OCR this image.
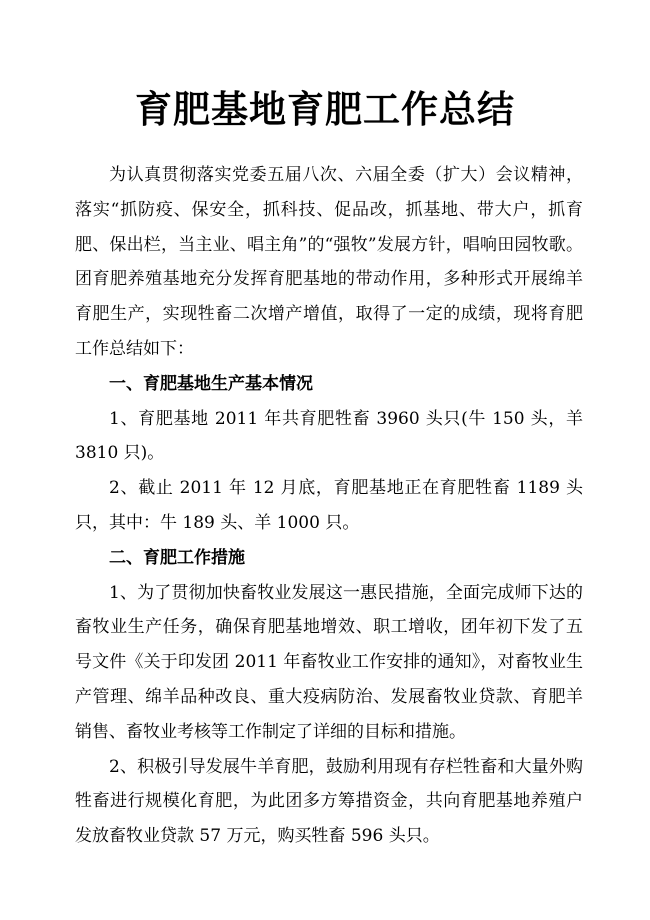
育肥基地育肥工作总结

为认真贯彻落实党委五届八次、六届全委（扩大）会议精神，落实“抓防疫、保安全，抓科技、促品改，抓基地、带大户，抓育肥、保出栏，当主业、唱主角”的“强牧”发展方针，唱响田园牧歌。团育肥养殖基地充分发挥育肥基地的带动作用，多种形式开展绵羊育肥生产，实现牲畜二次增产增值，取得了一定的成绩，现将育肥工作总结如下：

一、育肥基地生产基本情况

1、育肥基地 2011 年共育肥牲畜 3960 头只(牛 150 头，羊 3810 只)。

2、截止 2011 年 12 月底，育肥基地正在育肥牲畜 1189 头只，其中：牛 189 头、羊 1000 只。

二、育肥工作措施

1、为了贯彻加快畜牧业发展这一惠民措施，全面完成师下达的畜牧业生产任务，确保育肥基地增效、职工增收，团年初下发了五号文件《关于印发团 2011 年畜牧业工作安排的通知》，对畜牧业生产管理、绵羊品种改良、重大疫病防治、发展畜牧业贷款、育肥羊销售、畜牧业考核等工作制定了详细的目标和措施。

2、积极引导发展牛羊育肥，鼓励利用现有存栏牲畜和大量外购牲畜进行规模化育肥，为此团多方筹措资金，共向育肥基地养殖户发放畜牧业贷款 57 万元，购买牲畜 596 头只。
